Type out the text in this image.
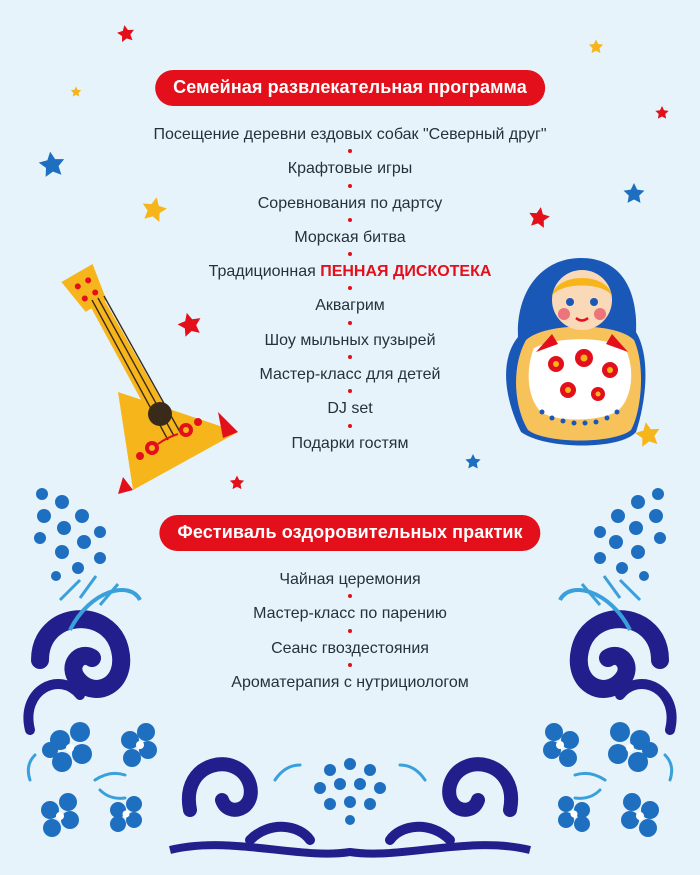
Семейная развлекательная программа
Посещение деревни ездовых собак "Северный друг"
Крафтовые игры
Соревнования по дартсу
Морская битва
Традиционная ПЕННАЯ ДИСКОТЕКА
Аквагрим
Шоу мыльных пузырей
Мастер-класс для детей
DJ set
Подарки гостям
Фестиваль оздоровительных практик
Чайная церемония
Мастер-класс по парению
Сеанс гвоздестояния
Ароматерапия с нутрициологом
